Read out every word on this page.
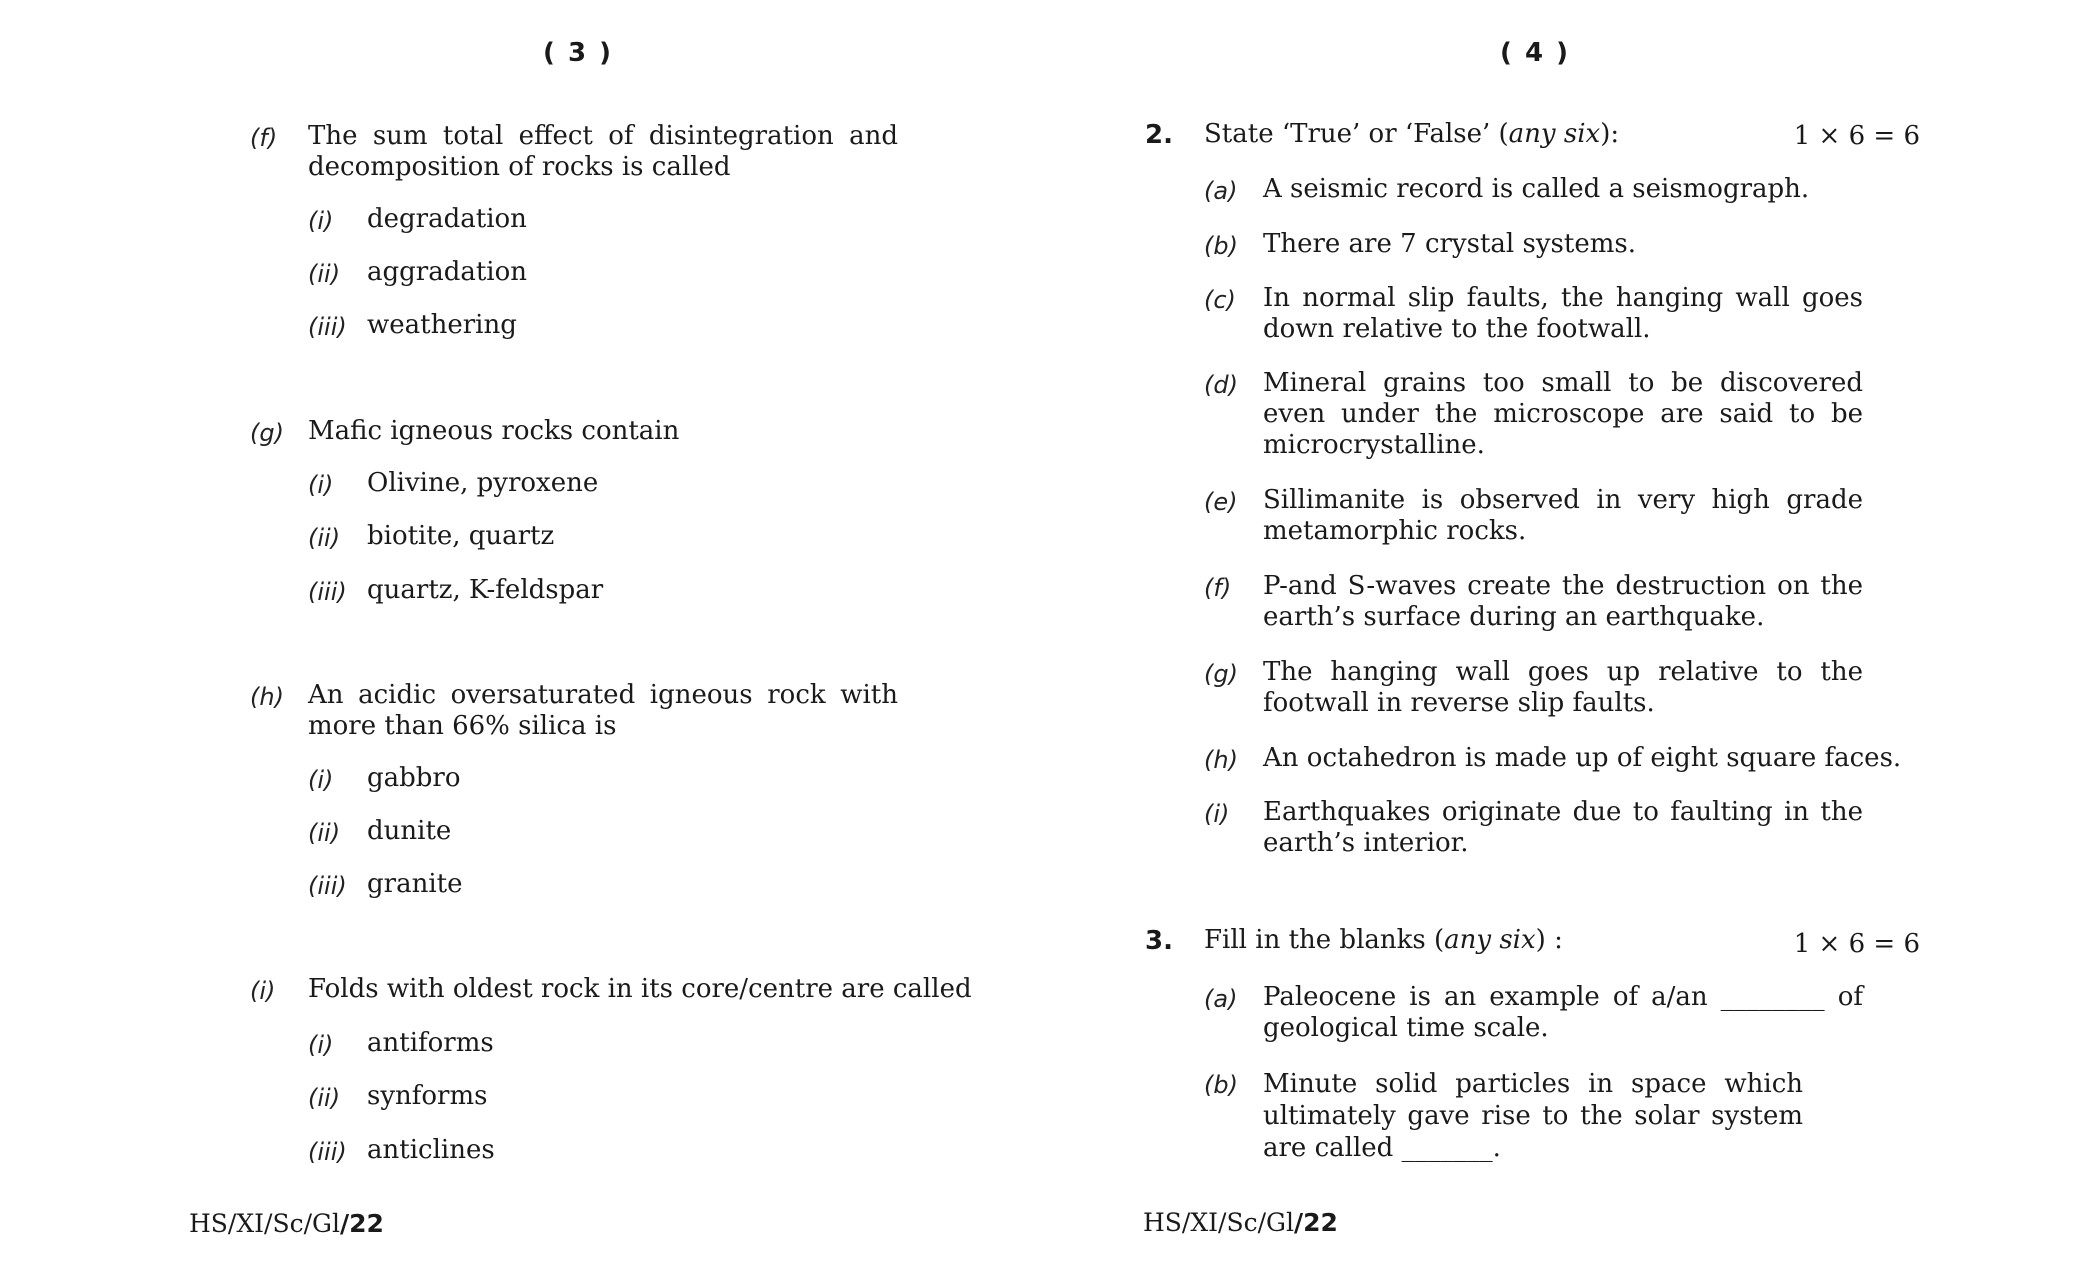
( 3 )
(f) The sum total effect of disintegration and decomposition of rocks is called
(i) degradation
(ii) aggradation
(iii) weathering
(g) Mafic igneous rocks contain
(i) Olivine, pyroxene
(ii) biotite, quartz
(iii) quartz, K-feldspar
(h) An acidic oversaturated igneous rock with more than 66% silica is
(i) gabbro
(ii) dunite
(iii) granite
(i) Folds with oldest rock in its core/centre are called
(i) antiforms
(ii) synforms
(iii) anticlines
HS/XI/Sc/Gl/22
( 4 )
2. State ‘True’ or ‘False’ (any six):	1 × 6 = 6
(a) A seismic record is called a seismograph.
(b) There are 7 crystal systems.
(c) In normal slip faults, the hanging wall goes down relative to the footwall.
(d) Mineral grains too small to be discovered even under the microscope are said to be microcrystalline.
(e) Sillimanite is observed in very high grade metamorphic rocks.
(f) P-and S-waves create the destruction on the earth’s surface during an earthquake.
(g) The hanging wall goes up relative to the footwall in reverse slip faults.
(h) An octahedron is made up of eight square faces.
(i) Earthquakes originate due to faulting in the earth’s interior.
3. Fill in the blanks (any six) :	1 × 6 = 6
(a) Paleocene is an example of a/an ________ of geological time scale.
(b) Minute solid particles in space which ultimately gave rise to the solar system are called _______.
HS/XI/Sc/Gl/22
